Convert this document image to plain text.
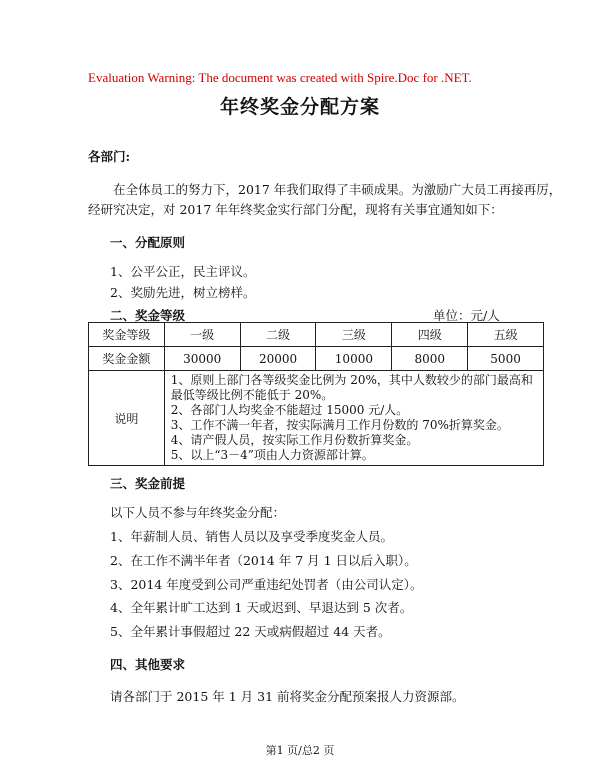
Evaluation Warning: The document was created with Spire.Doc for .NET.
年终奖金分配方案
各部门:
在全体员工的努力下，2017 年我们取得了丰硕成果。为激励广大员工再接再厉，
经研究决定，对 2017 年年终奖金实行部门分配，现将有关事宜通知如下：
一、分配原则
1、公平公正，民主评议。
2、奖励先进，树立榜样。
二、奖金等级	单位：元/人
奖金等级	一级	二级	三级	四级	五级
奖金金额	30000	20000	10000	8000	5000
说明	1、原则上部门各等级奖金比例为 20%，其中人数较少的部门最高和最低等级比例不能低于 20%。
2、各部门人均奖金不能超过 15000 元/人。
3、工作不满一年者，按实际满月工作月份数的 70%折算奖金。
4、请产假人员，按实际工作月份数折算奖金。
5、以上“3－4”项由人力资源部计算。				
三、奖金前提
以下人员不参与年终奖金分配：
1、年薪制人员、销售人员以及享受季度奖金人员。
2、在工作不满半年者（2014 年 7 月 1 日以后入职）。
3、2014 年度受到公司严重违纪处罚者（由公司认定）。
4、全年累计旷工达到 1 天或迟到、早退达到 5 次者。
5、全年累计事假超过 22 天或病假超过 44 天者。
四、其他要求
请各部门于 2015 年 1 月 31 前将奖金分配预案报人力资源部。
第1 页/总2 页
